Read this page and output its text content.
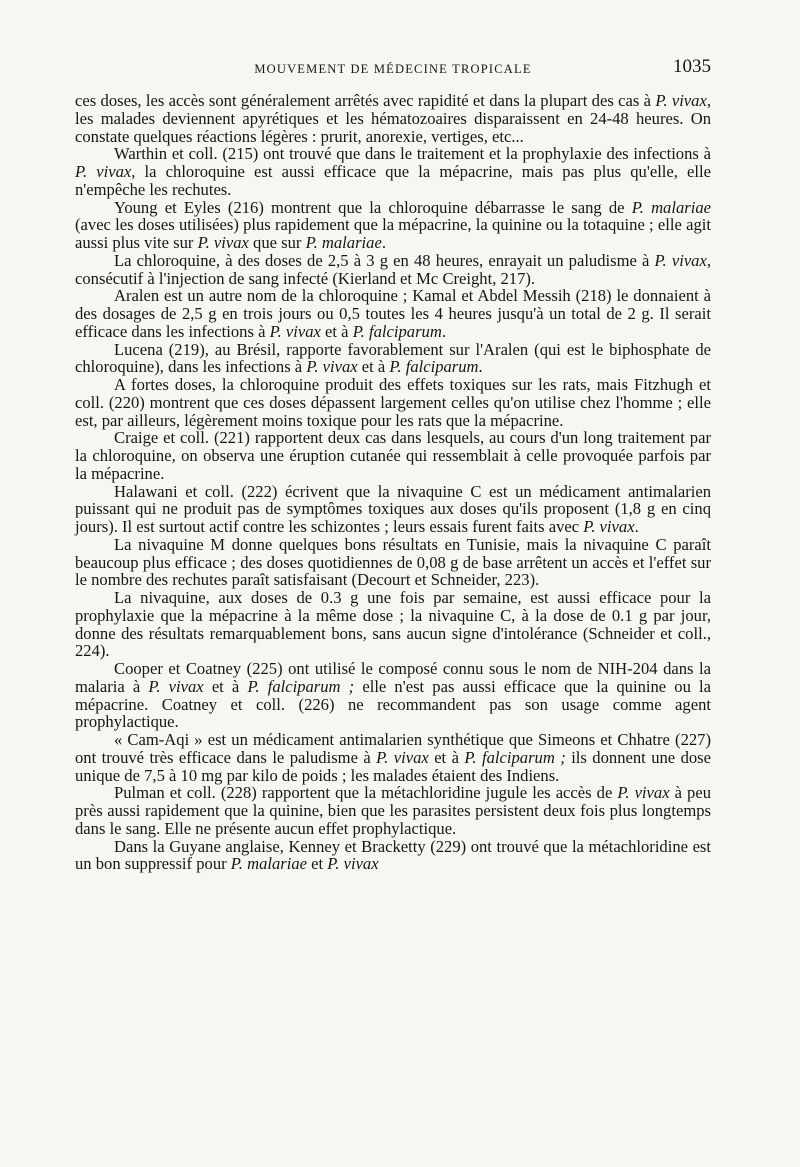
MOUVEMENT DE MÉDECINE TROPICALE	1035

ces doses, les accès sont généralement arrêtés avec rapidité et dans la plupart des cas à P. vivax, les malades deviennent apyrétiques et les hématozoaires disparaissent en 24-48 heures. On constate quelques réactions légères : prurit, anorexie, vertiges, etc...

Warthin et coll. (215) ont trouvé que dans le traitement et la prophylaxie des infections à P. vivax, la chloroquine est aussi efficace que la mépacrine, mais pas plus qu'elle, elle n'empêche les rechutes.

Young et Eyles (216) montrent que la chloroquine débarrasse le sang de P. malariae (avec les doses utilisées) plus rapidement que la mépacrine, la quinine ou la totaquine ; elle agit aussi plus vite sur P. vivax que sur P. malariae.

La chloroquine, à des doses de 2,5 à 3 g en 48 heures, enrayait un paludisme à P. vivax, consécutif à l'injection de sang infecté (Kierland et Mc Creight, 217).

Aralen est un autre nom de la chloroquine ; Kamal et Abdel Messih (218) le donnaient à des dosages de 2,5 g en trois jours ou 0,5 toutes les 4 heures jusqu'à un total de 2 g. Il serait efficace dans les infections à P. vivax et à P. falciparum.

Lucena (219), au Brésil, rapporte favorablement sur l'Aralen (qui est le biphosphate de chloroquine), dans les infections à P. vivax et à P. falciparum.

A fortes doses, la chloroquine produit des effets toxiques sur les rats, mais Fitzhugh et coll. (220) montrent que ces doses dépassent largement celles qu'on utilise chez l'homme ; elle est, par ailleurs, légèrement moins toxique pour les rats que la mépacrine.

Craige et coll. (221) rapportent deux cas dans lesquels, au cours d'un long traitement par la chloroquine, on observa une éruption cutanée qui ressemblait à celle provoquée parfois par la mépacrine.

Halawani et coll. (222) écrivent que la nivaquine C est un médicament antimalarien puissant qui ne produit pas de symptômes toxiques aux doses qu'ils proposent (1,8 g en cinq jours). Il est surtout actif contre les schizontes ; leurs essais furent faits avec P. vivax.

La nivaquine M donne quelques bons résultats en Tunisie, mais la nivaquine C paraît beaucoup plus efficace ; des doses quotidiennes de 0,08 g de base arrêtent un accès et l'effet sur le nombre des rechutes paraît satisfaisant (Decourt et Schneider, 223).

La nivaquine, aux doses de 0.3 g une fois par semaine, est aussi efficace pour la prophylaxie que la mépacrine à la même dose ; la nivaquine C, à la dose de 0.1 g par jour, donne des résultats remarquablement bons, sans aucun signe d'intolérance (Schneider et coll., 224).

Cooper et Coatney (225) ont utilisé le composé connu sous le nom de NIH-204 dans la malaria à P. vivax et à P. falciparum ; elle n'est pas aussi efficace que la quinine ou la mépacrine. Coatney et coll. (226) ne recommandent pas son usage comme agent prophylactique.

« Cam-Aqi » est un médicament antimalarien synthétique que Simeons et Chhatre (227) ont trouvé très efficace dans le paludisme à P. vivax et à P. falciparum ; ils donnent une dose unique de 7,5 à 10 mg par kilo de poids ; les malades étaient des Indiens.

Pulman et coll. (228) rapportent que la métachloridine jugule les accès de P. vivax à peu près aussi rapidement que la quinine, bien que les parasites persistent deux fois plus longtemps dans le sang. Elle ne présente aucun effet prophylactique.

Dans la Guyane anglaise, Kenney et Bracketty (229) ont trouvé que la métachloridine est un bon suppressif pour P. malariae et P. vivax
